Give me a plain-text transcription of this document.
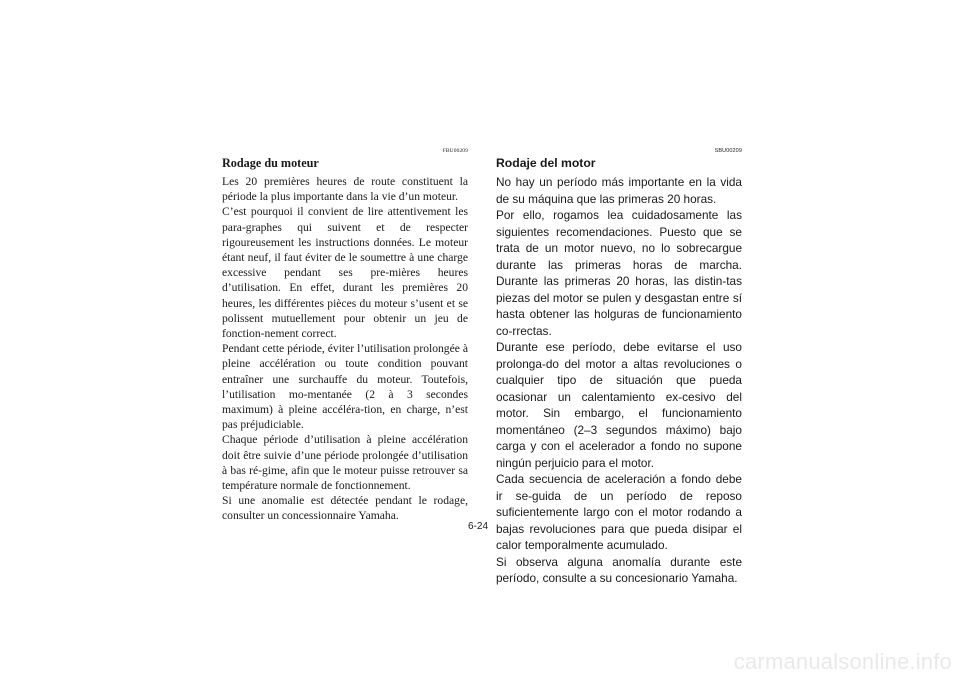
FBU00209
Rodage du moteur

Les 20 premières heures de route constituent la période la plus importante dans la vie d’un moteur.

C’est pourquoi il convient de lire attentivement les para-graphes qui suivent et de respecter rigoureusement les instructions données. Le moteur étant neuf, il faut éviter de le soumettre à une charge excessive pendant ses pre-mières heures d’utilisation. En effet, durant les premières 20 heures, les différentes pièces du moteur s’usent et se polissent mutuellement pour obtenir un jeu de fonction-nement correct.

Pendant cette période, éviter l’utilisation prolongée à pleine accélération ou toute condition pouvant entraîner une surchauffe du moteur. Toutefois, l’utilisation mo-mentanée (2 à 3 secondes maximum) à pleine accéléra-tion, en charge, n’est pas préjudiciable.

Chaque période d’utilisation à pleine accélération doit être suivie d’une période prolongée d’utilisation à bas ré-gime, afin que le moteur puisse retrouver sa température normale de fonctionnement.

Si une anomalie est détectée pendant le rodage, consulter un concessionnaire Yamaha.

SBU00209
Rodaje del motor

No hay un período más importante en la vida de su máquina que las primeras 20 horas.

Por ello, rogamos lea cuidadosamente las siguientes recomendaciones. Puesto que se trata de un motor nuevo, no lo sobrecargue durante las primeras horas de marcha. Durante las primeras 20 horas, las distin-tas piezas del motor se pulen y desgastan entre sí hasta obtener las holguras de funcionamiento co-rrectas.

Durante ese período, debe evitarse el uso prolonga-do del motor a altas revoluciones o cualquier tipo de situación que pueda ocasionar un calentamiento ex-cesivo del motor. Sin embargo, el funcionamiento momentáneo (2–3 segundos máximo) bajo carga y con el acelerador a fondo no supone ningún perjuicio para el motor.

Cada secuencia de aceleración a fondo debe ir se-guida de un período de reposo suficientemente largo con el motor rodando a bajas revoluciones para que pueda disipar el calor temporalmente acumulado.

Si observa alguna anomalía durante este período, consulte a su concesionario Yamaha.

6-24
carmanualsonline.info
